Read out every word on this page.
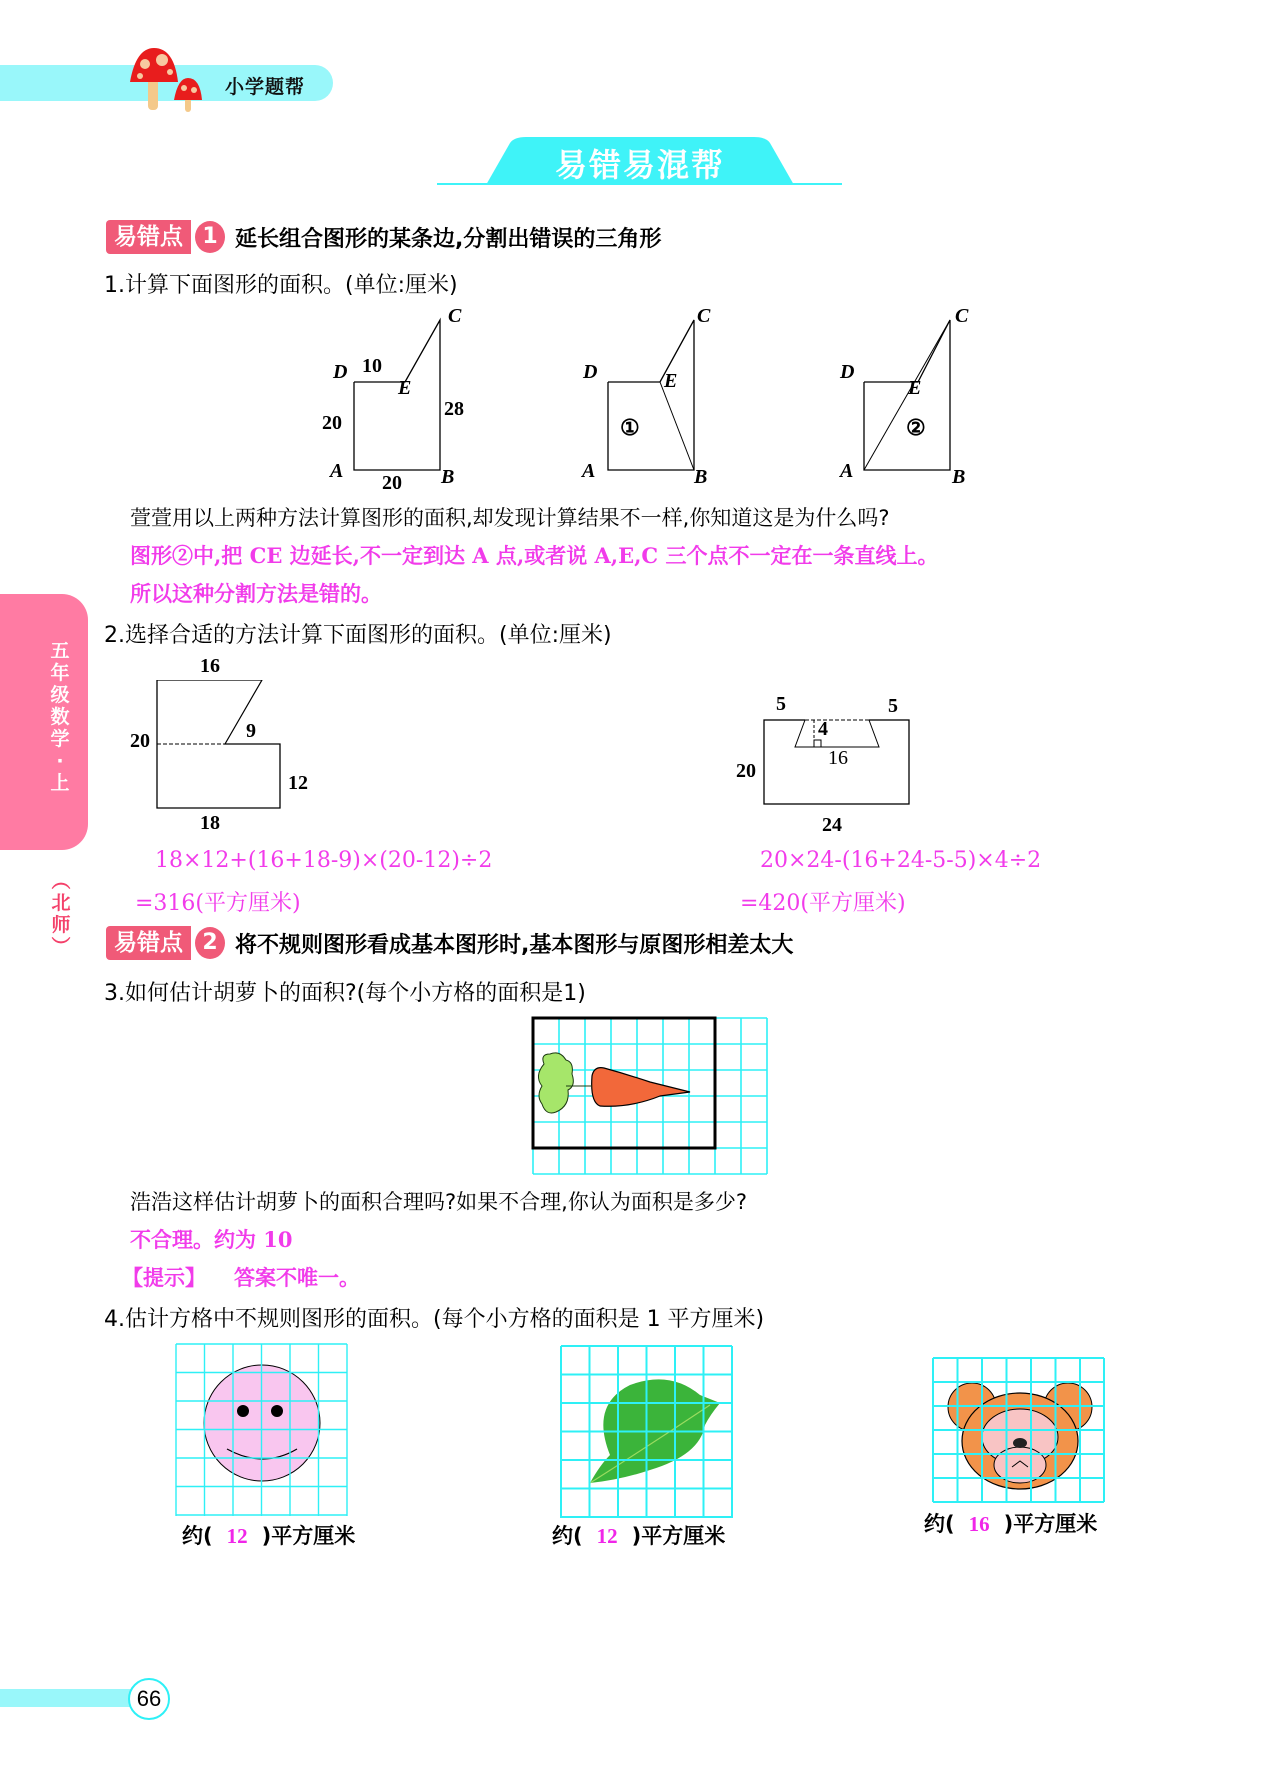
小学题帮
易错易混帮
五
年
级
数
学
·
上
︵
北
师
︶
易错点 1 延长组合图形的某条边,分割出错误的三角形
1.计算下面图形的面积。(单位:厘米)
C
D 10
E
28
20
A	B
20
C
D	E
①
A	B
C
D
E
②
A	B
萱萱用以上两种方法计算图形的面积,却发现计算结果不一样,你知道这是为什么吗?
图形②中,把 CE 边延长,不一定到达 A 点,或者说 A,E,C 三个点不一定在一条直线上。
所以这种分割方法是错的。
2.选择合适的方法计算下面图形的面积。(单位:厘米)
16
20	9
12
18
18×12+(16+18-9)×(20-12)÷2
=316(平方厘米)
5	5
4
16
20
24
20×24-(16+24-5-5)×4÷2
=420(平方厘米)
易错点 2 将不规则图形看成基本图形时,基本图形与原图形相差太大
3.如何估计胡萝卜的面积?(每个小方格的面积是1)
浩浩这样估计胡萝卜的面积合理吗?如果不合理,你认为面积是多少?
不合理。约为 10
【提示】 答案不唯一。
4.估计方格中不规则图形的面积。(每个小方格的面积是 1 平方厘米)
约( 12 )平方厘米	约( 12 )平方厘米	约( 16 )平方厘米
66
